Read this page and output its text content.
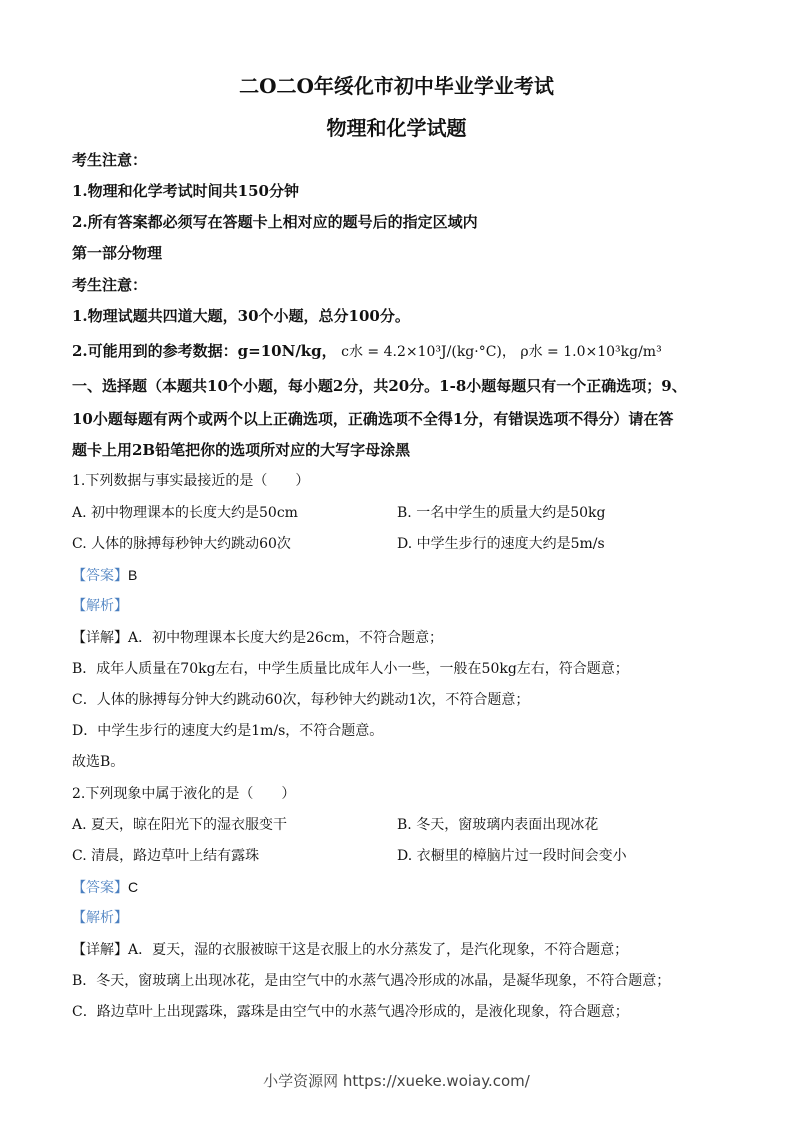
二O二O年绥化市初中毕业学业考试
物理和化学试题
考生注意：
1.物理和化学考试时间共150分钟
2.所有答案都必须写在答题卡上相对应的题号后的指定区域内
第一部分物理
考生注意：
1.物理试题共四道大题，30个小题，总分100分。
2.可能用到的参考数据：g=10N/kg， c水 = 4.2×10³J/(kg·°C)， ρ水 = 1.0×10³kg/m³
一、选择题（本题共10个小题，每小题2分，共20分。1-8小题每题只有一个正确选项；9、
10小题每题有两个或两个以上正确选项，正确选项不全得1分，有错误选项不得分）请在答
题卡上用2B铅笔把你的选项所对应的大写字母涂黑
1.下列数据与事实最接近的是（　　）
A. 初中物理课本的长度大约是50cm	B. 一名中学生的质量大约是50kg
C. 人体的脉搏每秒钟大约跳动60次	D. 中学生步行的速度大约是5m/s
【答案】B
【解析】
【详解】A．初中物理课本长度大约是26cm，不符合题意；
B．成年人质量在70kg左右，中学生质量比成年人小一些，一般在50kg左右，符合题意；
C．人体的脉搏每分钟大约跳动60次，每秒钟大约跳动1次，不符合题意；
D．中学生步行的速度大约是1m/s，不符合题意。
故选B。
2.下列现象中属于液化的是（　　）
A. 夏天，晾在阳光下的湿衣服变干	B. 冬天，窗玻璃内表面出现冰花
C. 清晨，路边草叶上结有露珠	D. 衣橱里的樟脑片过一段时间会变小
【答案】C
【解析】
【详解】A．夏天，湿的衣服被晾干这是衣服上的水分蒸发了，是汽化现象，不符合题意；
B．冬天，窗玻璃上出现冰花，是由空气中的水蒸气遇冷形成的冰晶，是凝华现象，不符合题意；
C．路边草叶上出现露珠，露珠是由空气中的水蒸气遇冷形成的，是液化现象，符合题意；
小学资源网 https://xueke.woiay.com/
